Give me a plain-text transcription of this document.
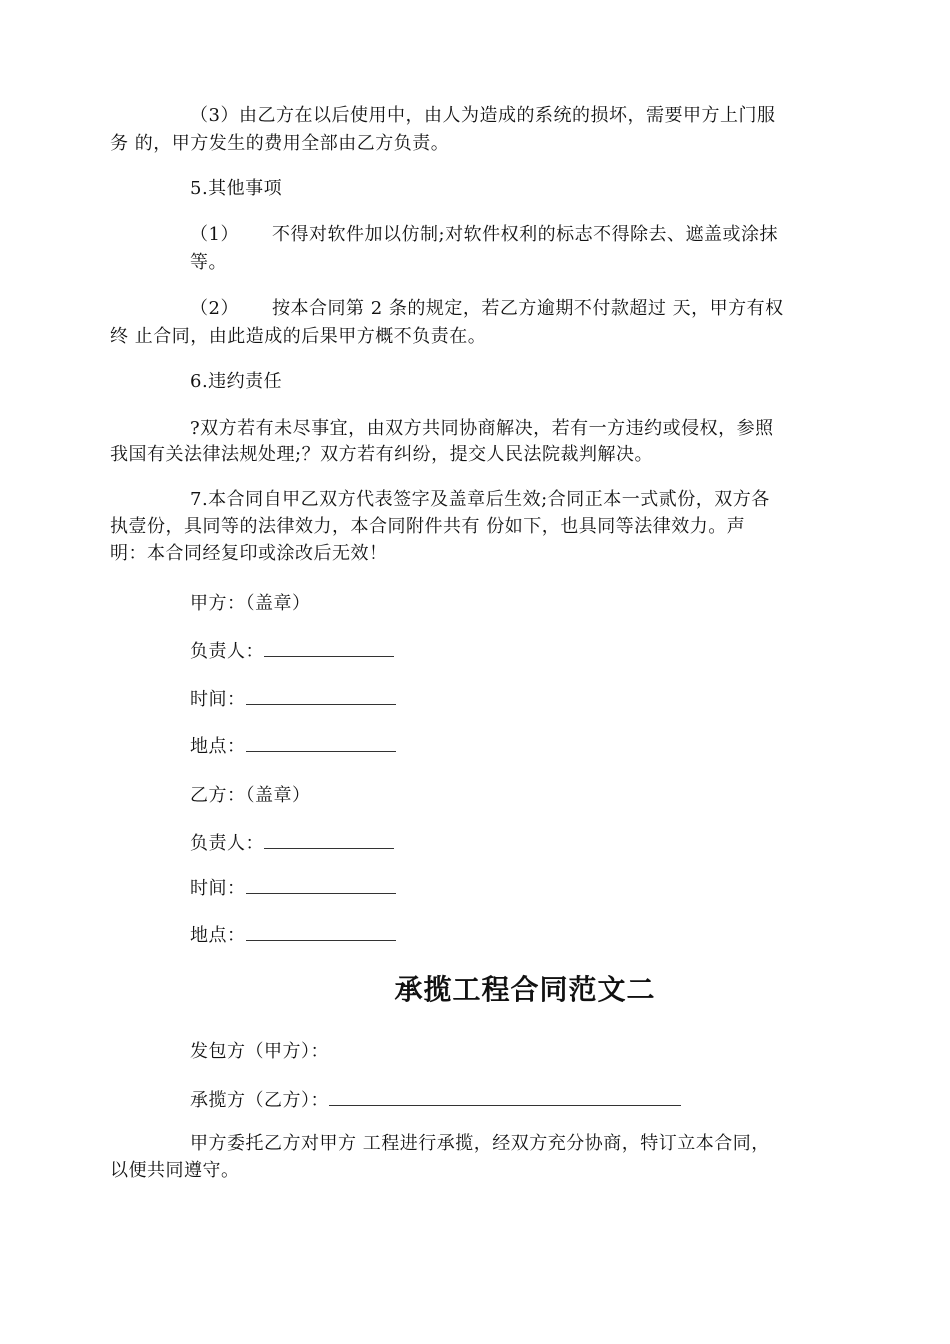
（3）由乙方在以后使用中，由人为造成的系统的损坏，需要甲方上门服
务 的，甲方发生的费用全部由乙方负责。
5.其他事项
（1） 不得对软件加以仿制;对软件权利的标志不得除去、遮盖或涂抹
等。
（2） 按本合同第 2 条的规定，若乙方逾期不付款超过 天，甲方有权
终 止合同，由此造成的后果甲方概不负责在。
6.违约责任
?双方若有未尽事宜，由双方共同协商解决，若有一方违约或侵权，参照
我国有关法律法规处理;？双方若有纠纷，提交人民法院裁判解决。
7.本合同自甲乙双方代表签字及盖章后生效;合同正本一式贰份，双方各
执壹份，具同等的法律效力，本合同附件共有 份如下，也具同等法律效力。声
明：本合同经复印或涂改后无效！
甲方：（盖章）
负责人：
时间：
地点：
乙方：（盖章）
负责人：
时间：
地点：
承揽工程合同范文二
发包方（甲方）：
承揽方（乙方）：
甲方委托乙方对甲方 工程进行承揽，经双方充分协商，特订立本合同，
以便共同遵守。
